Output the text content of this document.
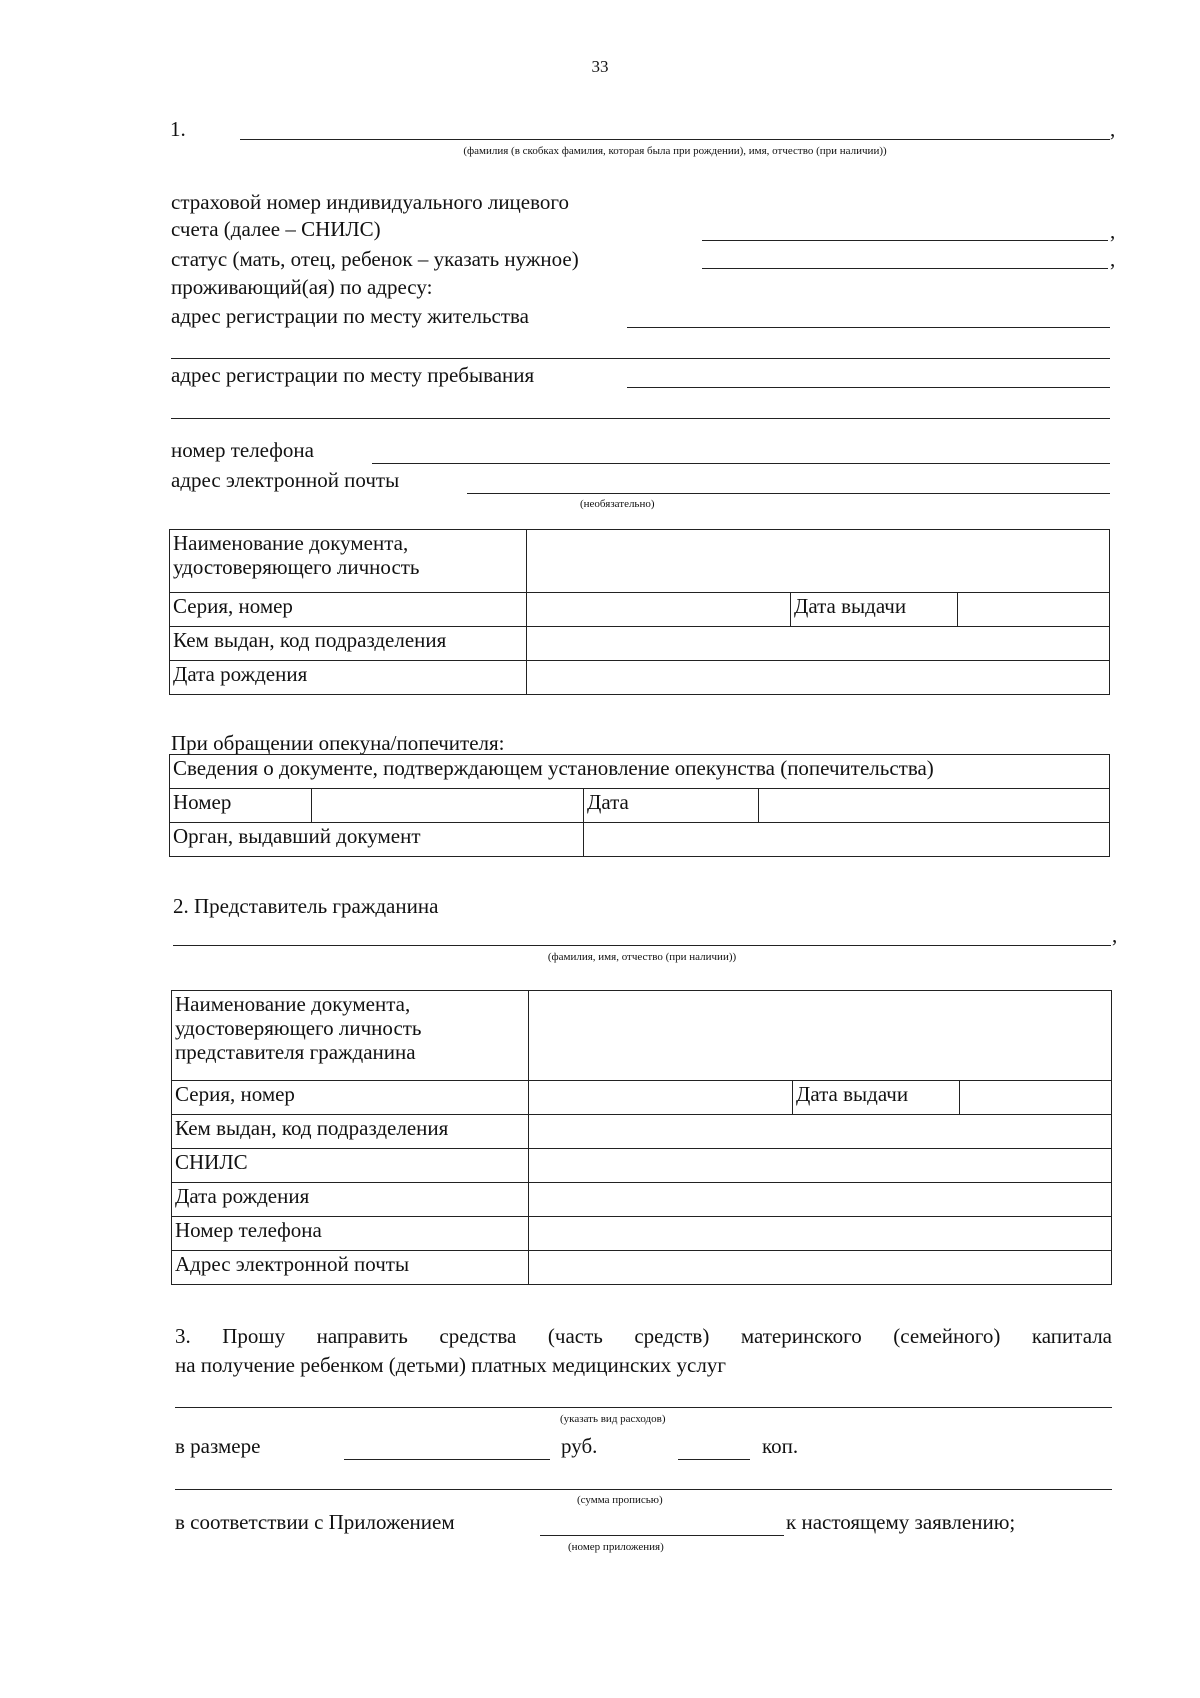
33
1.	,
(фамилия (в скобках фамилия, которая была при рождении), имя, отчество (при наличии))
страховой номер индивидуального лицевого
счета (далее – СНИЛС)	,
статус (мать, отец, ребенок – указать нужное)	,
проживающий(ая) по адресу:
адрес регистрации по месту жительства
адрес регистрации по месту пребывания
номер телефона
адрес электронной почты
(необязательно)
Наименование документа,
удостоверяющего личность			

Серия, номер		Дата выдачи	
Кем выдан, код подразделения			
Дата рождения			
При обращении опекуна/попечителя:
Сведения о документе, подтверждающем установление опекунства (попечительства)			
Номер		Дата	
Орган, выдавший документ			
2. Представитель гражданина
,
(фамилия, имя, отчество (при наличии))
Наименование документа,
удостоверяющего личность
представителя гражданина			

Серия, номер		Дата выдачи	
Кем выдан, код подразделения			
СНИЛС			
Дата рождения			
Номер телефона			
Адрес электронной почты			
3. Прошу направить средства (часть средств) материнского (семейного) капитала
на получение ребенком (детьми) платных медицинских услуг
(указать вид расходов)
в размере	руб.	коп.
(сумма прописью)
в соответствии с Приложением	к настоящему заявлению;
(номер приложения)
